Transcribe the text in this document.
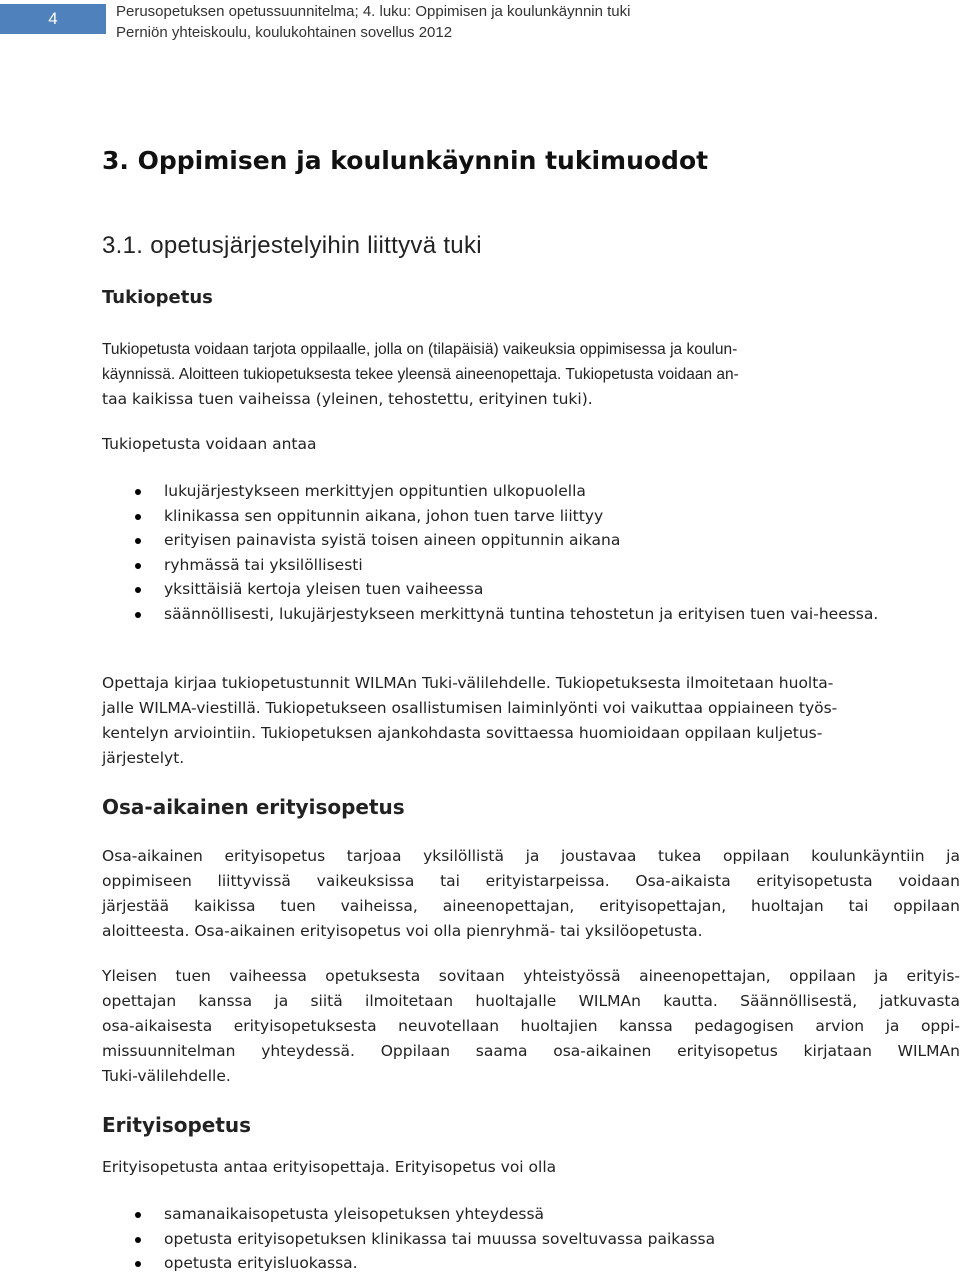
4	Perusopetuksen opetussuunnitelma; 4. luku: Oppimisen ja koulunkäynnin tuki
Perniön yhteiskoulu, koulukohtainen sovellus 2012
3. Oppimisen ja koulunkäynnin tukimuodot
3.1. opetusjärjestelyihin liittyvä tuki
Tukiopetus
Tukiopetusta voidaan tarjota oppilaalle, jolla on (tilapäisiä) vaikeuksia oppimisessa ja koulun-
käynnissä. Aloitteen tukiopetuksesta tekee yleensä aineenopettaja. Tukiopetusta voidaan an-
taa kaikissa tuen vaiheissa (yleinen, tehostettu, erityinen tuki).
Tukiopetusta voidaan antaa
lukujärjestykseen merkittyjen oppituntien ulkopuolella
klinikassa sen oppitunnin aikana, johon tuen tarve liittyy
erityisen painavista syistä toisen aineen oppitunnin aikana
ryhmässä tai yksilöllisesti
yksittäisiä kertoja yleisen tuen vaiheessa
säännöllisesti, lukujärjestykseen merkittynä tuntina tehostetun ja erityisen tuen vai-heessa.
Opettaja kirjaa tukiopetustunnit WILMAn Tuki-välilehdelle. Tukiopetuksesta ilmoitetaan huolta-
jalle WILMA-viestillä. Tukiopetukseen osallistumisen laiminlyönti voi vaikuttaa oppiaineen työs-
kentelyn arviointiin. Tukiopetuksen ajankohdasta sovittaessa huomioidaan oppilaan kuljetus-
järjestelyt.
Osa-aikainen erityisopetus
Osa-aikainen erityisopetus tarjoaa yksilöllistä ja joustavaa tukea oppilaan koulunkäyntiin ja
oppimiseen liittyvissä vaikeuksissa tai erityistarpeissa. Osa-aikaista erityisopetusta voidaan
järjestää kaikissa tuen vaiheissa, aineenopettajan, erityisopettajan, huoltajan tai oppilaan
aloitteesta. Osa-aikainen erityisopetus voi olla pienryhmä- tai yksilöopetusta.
Yleisen tuen vaiheessa opetuksesta sovitaan yhteistyössä aineenopettajan, oppilaan ja erityis-
opettajan kanssa ja siitä ilmoitetaan huoltajalle WILMAn kautta. Säännöllisestä, jatkuvasta
osa-aikaisesta erityisopetuksesta neuvotellaan huoltajien kanssa pedagogisen arvion ja oppi-
missuunnitelman yhteydessä. Oppilaan saama osa-aikainen erityisopetus kirjataan WILMAn
Tuki-välilehdelle.
Erityisopetus
Erityisopetusta antaa erityisopettaja. Erityisopetus voi olla
samanaikaisopetusta yleisopetuksen yhteydessä
opetusta erityisopetuksen klinikassa tai muussa soveltuvassa paikassa
opetusta erityisluokassa.
